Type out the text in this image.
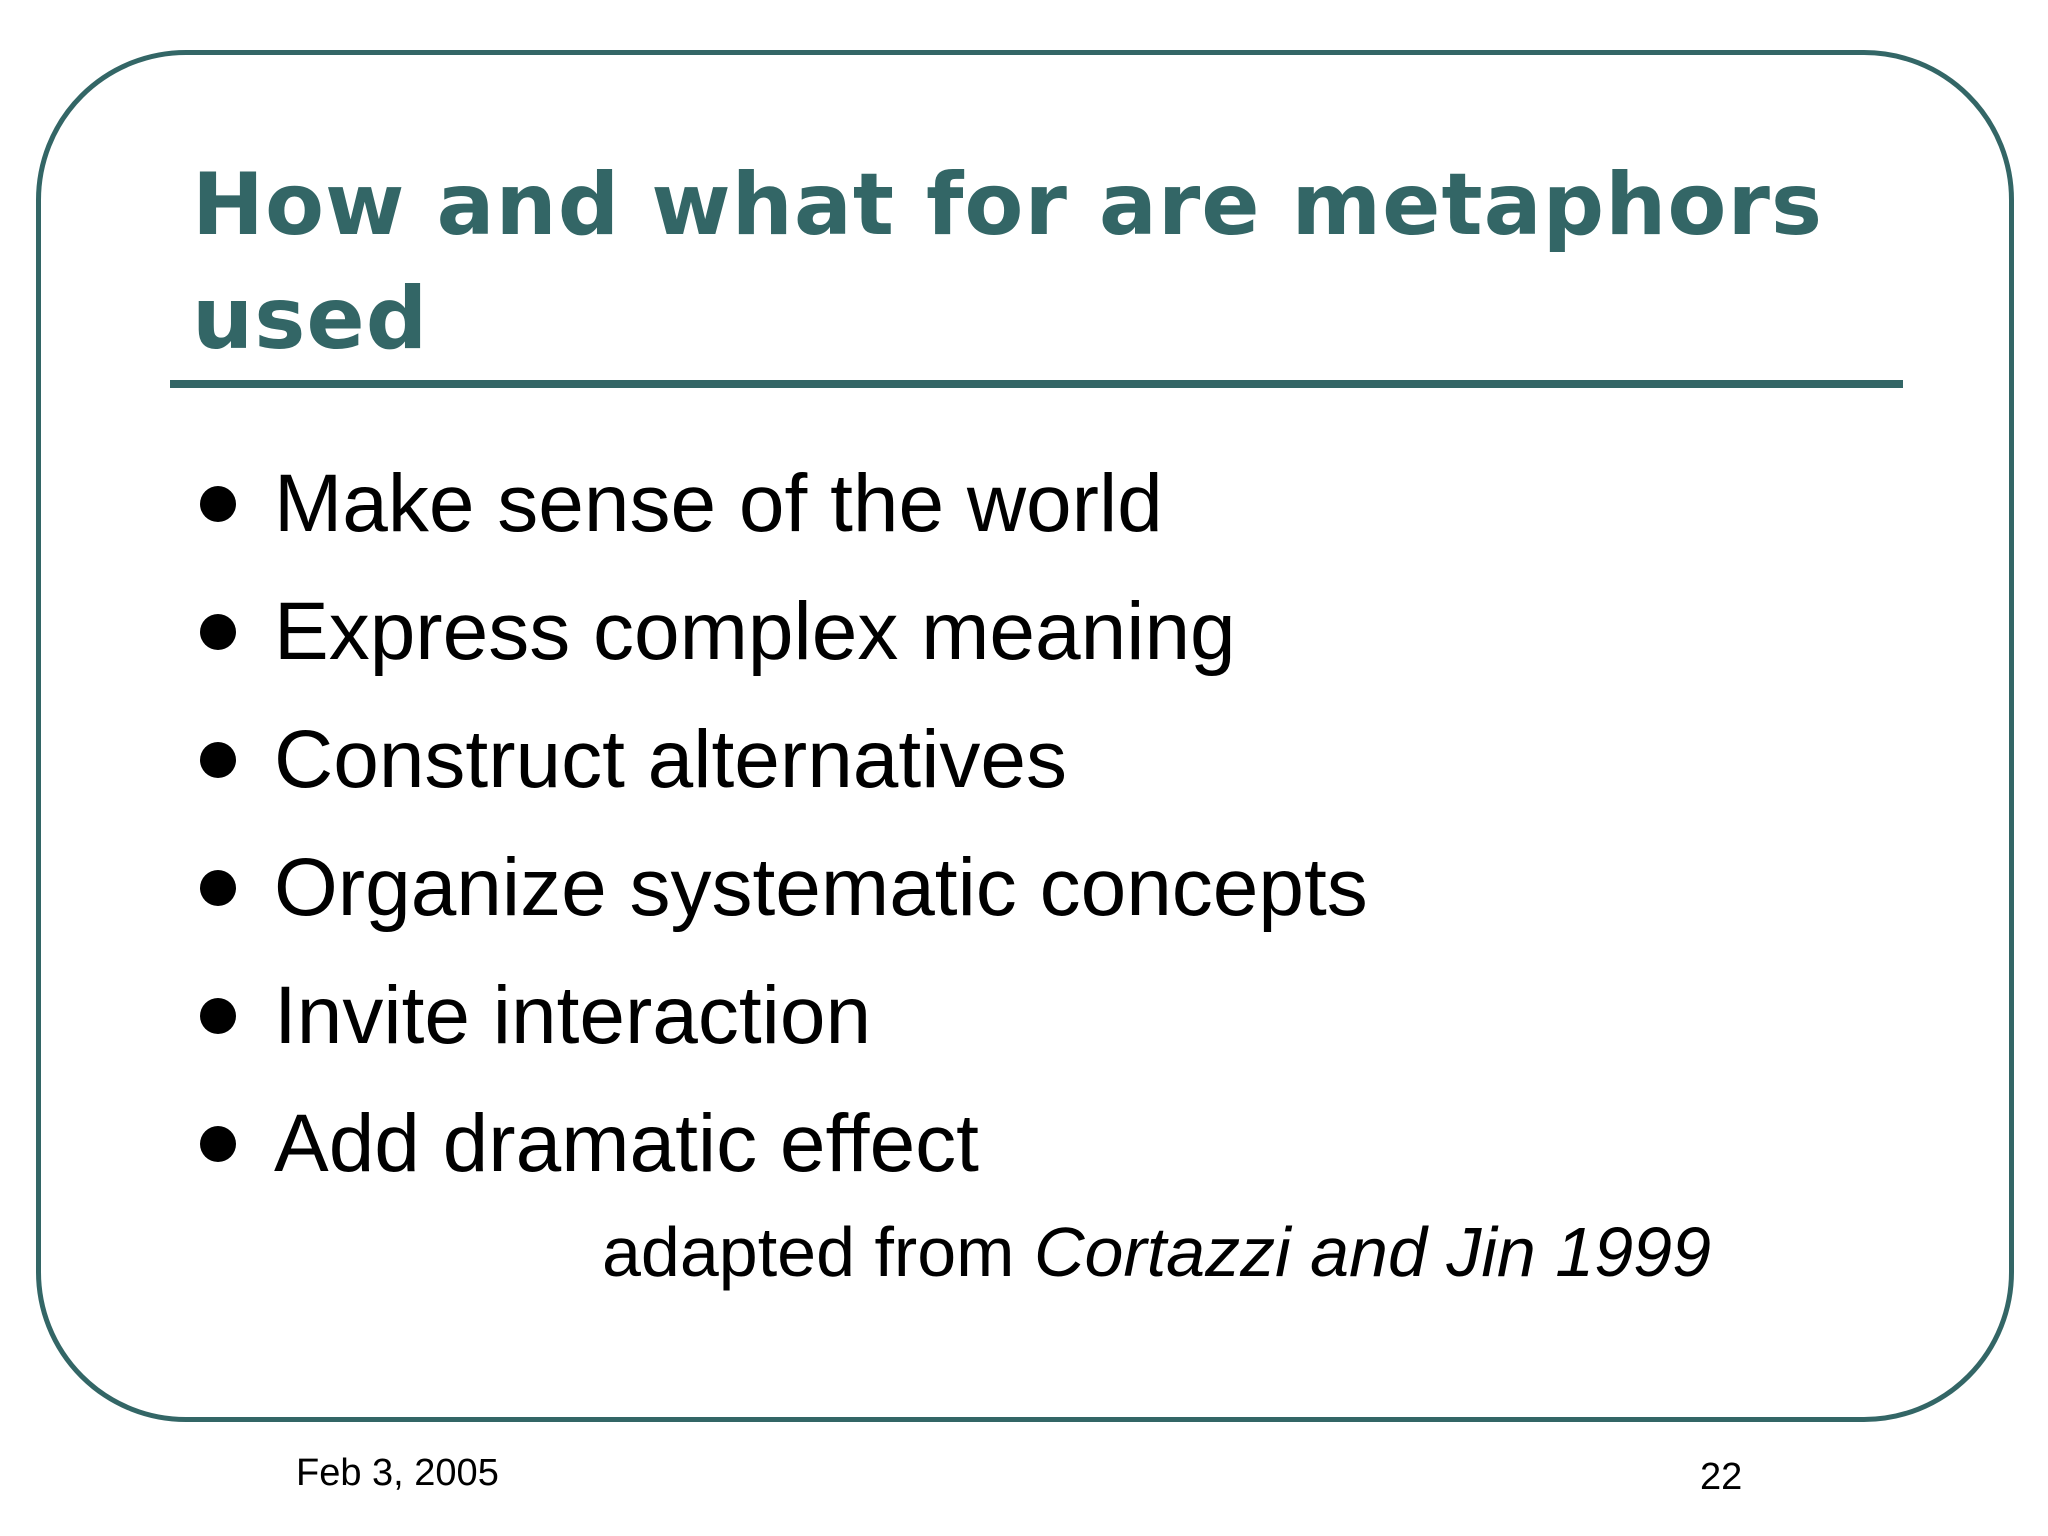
How and what for are metaphors used
Make sense of the world
Express complex meaning
Construct alternatives
Organize systematic concepts
Invite interaction
Add dramatic effect
adapted from Cortazzi and Jin 1999
Feb 3, 2005	22
